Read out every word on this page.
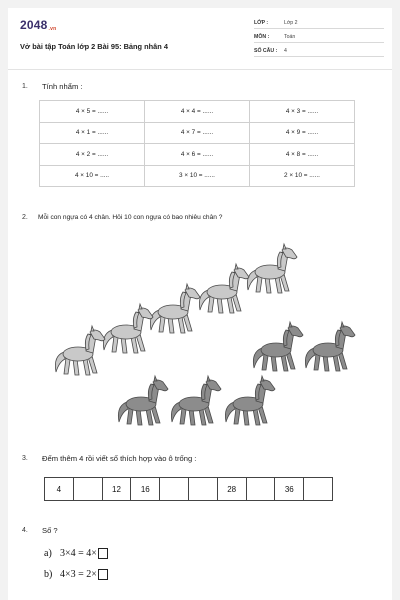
2048.vn
Vở bài tập Toán lớp 2 Bài 95: Bảng nhân 4
LỚP :	Lớp 2
MÔN :	Toán
SỐ CÂU : 4
1. Tính nhẩm :
4 × 5 = ......	4 × 4 = ......	4 × 3 = ......
4 × 1 = ......	4 × 7 = ......	4 × 9 = ......
4 × 2 = ......	4 × 6 = ......	4 × 8 = ......
4 × 10 = .....	3 × 10 = ......	2 × 10 = ......
2. Mỗi con ngựa có 4 chân. Hỏi 10 con ngựa có bao nhiêu chân ?
3. Đếm thêm 4 rồi viết số thích hợp vào ô trống :
4	12	16	28	36
4. Số ?
a) 3×4 = 4×
b) 4×3 = 2×
